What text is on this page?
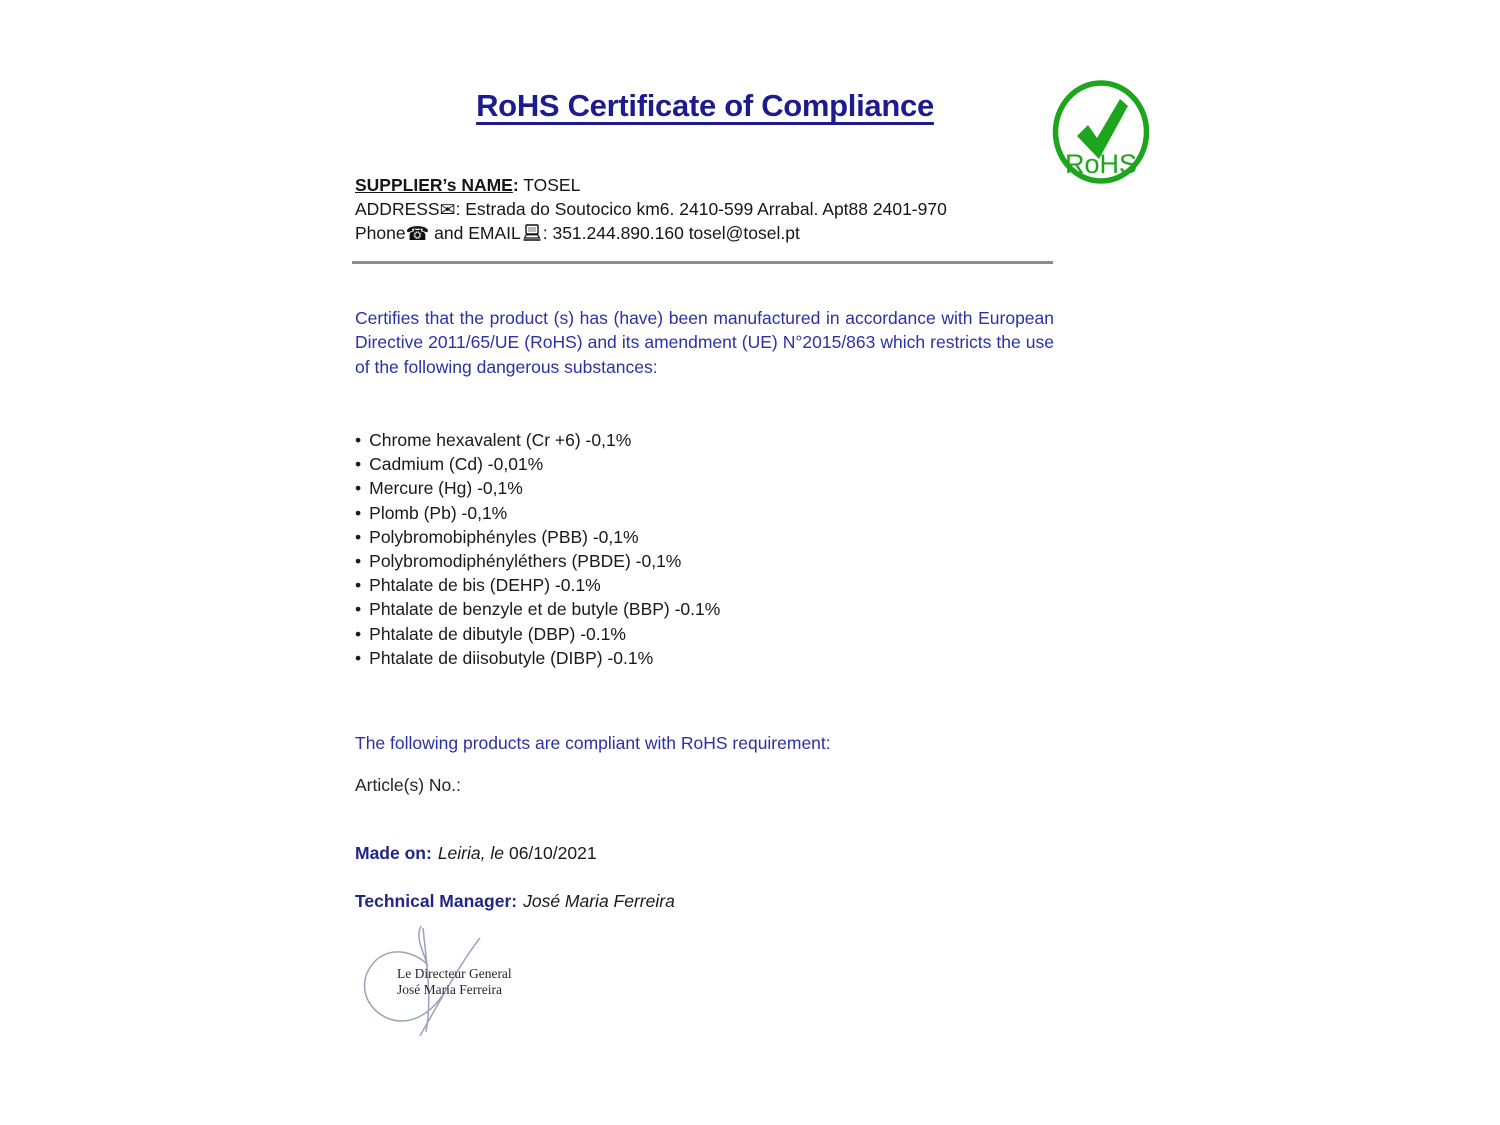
RoHS Certificate of Compliance
RoHS
SUPPLIER’s NAME: TOSEL
ADDRESS✉: Estrada do Soutocico km6. 2410-599 Arrabal. Apt88 2401-970
Phone☎ and EMAIL : 351.244.890.160 tosel@tosel.pt
Certifies that the product (s) has (have) been manufactured in accordance with European Directive 2011/65/UE (RoHS) and its amendment (UE) N°2015/863 which restricts the use of the following dangerous substances:
• Chrome hexavalent (Cr +6) -0,1%
• Cadmium (Cd) -0,01%
• Mercure (Hg) -0,1%
• Plomb (Pb) -0,1%
• Polybromobiphényles (PBB) -0,1%
• Polybromodiphényléthers (PBDE) -0,1%
• Phtalate de bis (DEHP) -0.1%
• Phtalate de benzyle et de butyle (BBP) -0.1%
• Phtalate de dibutyle (DBP) -0.1%
• Phtalate de diisobutyle (DIBP) -0.1%
The following products are compliant with RoHS requirement:
Article(s) No.:
Made on: Leiria, le 06/10/2021
Technical Manager: José Maria Ferreira
Le Directeur General
José Maria Ferreira
